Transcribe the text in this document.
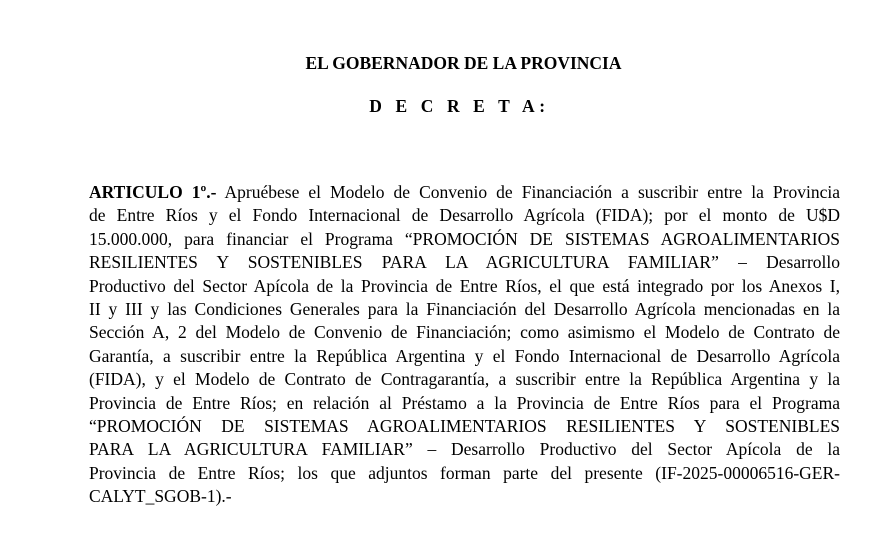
EL GOBERNADOR DE LA PROVINCIA
D E C R E T A:
ARTICULO 1º.- Apruébese el Modelo de Convenio de Financiación a suscribir entre la Provincia
de Entre Ríos y el Fondo Internacional de Desarrollo Agrícola (FIDA); por el monto de U$D
15.000.000, para financiar el Programa “PROMOCIÓN DE SISTEMAS AGROALIMENTARIOS
RESILIENTES Y SOSTENIBLES PARA LA AGRICULTURA FAMILIAR” – Desarrollo
Productivo del Sector Apícola de la Provincia de Entre Ríos, el que está integrado por los Anexos I,
II y III y las Condiciones Generales para la Financiación del Desarrollo Agrícola mencionadas en la
Sección A, 2 del Modelo de Convenio de Financiación; como asimismo el Modelo de Contrato de
Garantía, a suscribir entre la República Argentina y el Fondo Internacional de Desarrollo Agrícola
(FIDA), y el Modelo de Contrato de Contragarantía, a suscribir entre la República Argentina y la
Provincia de Entre Ríos; en relación al Préstamo a la Provincia de Entre Ríos para el Programa
“PROMOCIÓN DE SISTEMAS AGROALIMENTARIOS RESILIENTES Y SOSTENIBLES
PARA LA AGRICULTURA FAMILIAR” – Desarrollo Productivo del Sector Apícola de la
Provincia de Entre Ríos; los que adjuntos forman parte del presente (IF-2025-00006516-GER-
CALYT_SGOB-1).-
